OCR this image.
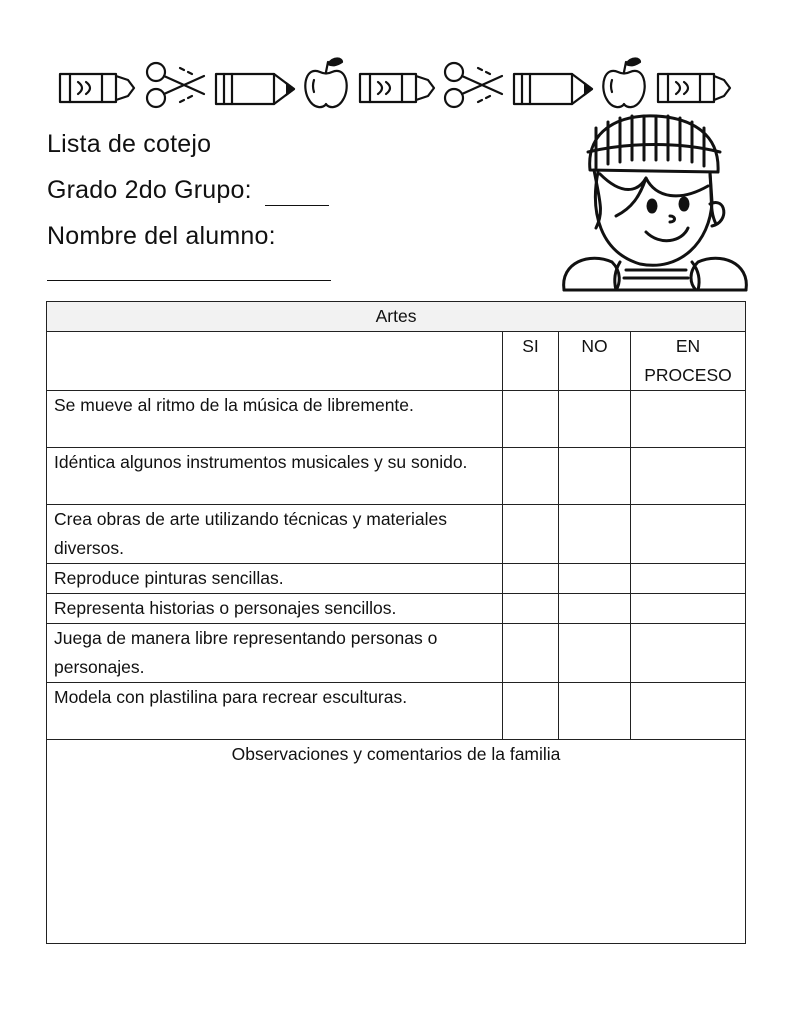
Lista de cotejo
Grado 2do Grupo:
Nombre del alumno:
Artes			
	SI	NO	EN PROCESO
Se mueve al ritmo de la música de libremente.			
Idéntica algunos instrumentos musicales y su sonido.			
Crea obras de arte utilizando técnicas y materiales diversos.			
Reproduce pinturas sencillas.			
Representa historias o personajes sencillos.			
Juega de manera libre representando personas o personajes.			
Modela con plastilina para recrear esculturas.			
Observaciones y comentarios de la familia			
